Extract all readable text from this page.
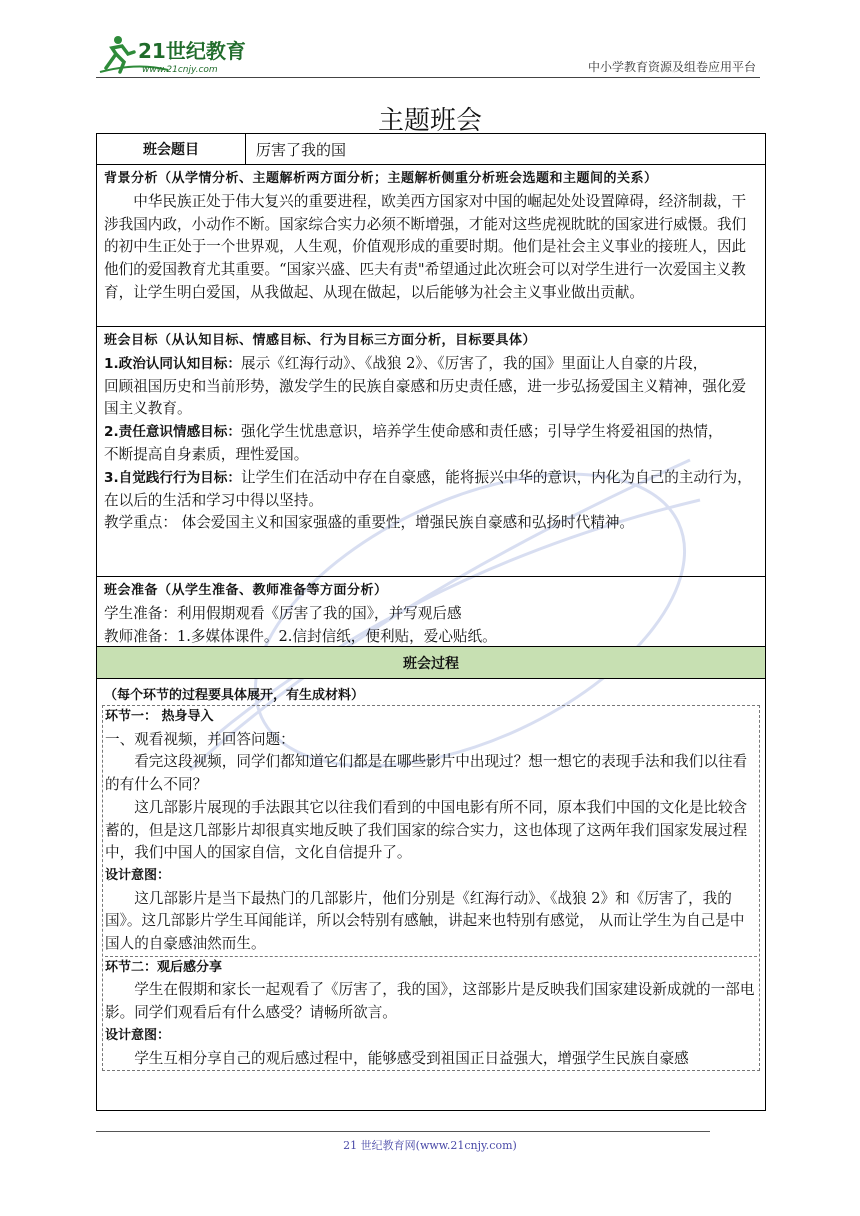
21世纪教育
www.21cnjy.com	中小学教育资源及组卷应用平台
主题班会
班会题目	厉害了我的国
背景分析（从学情分析、主题解析两方面分析；主题解析侧重分析班会选题和主题间的关系）
中华民族正处于伟大复兴的重要进程，欧美西方国家对中国的崛起处处设置障碍，经济制裁，干涉我国内政，小动作不断。国家综合实力必须不断增强，才能对这些虎视眈眈的国家进行威慑。我们的初中生正处于一个世界观，人生观，价值观形成的重要时期。他们是社会主义事业的接班人，因此他们的爱国教育尤其重要。“国家兴盛、匹夫有责"希望通过此次班会可以对学生进行一次爱国主义教育，让学生明白爱国，从我做起、从现在做起，以后能够为社会主义事业做出贡献。
班会目标（从认知目标、情感目标、行为目标三方面分析，目标要具体）
1.政治认同认知目标：展示《红海行动》、《战狼 2》、《厉害了，我的国》里面让人自豪的片段，
回顾祖国历史和当前形势，激发学生的民族自豪感和历史责任感，进一步弘扬爱国主义精神，强化爱国主义教育。
2.责任意识情感目标：强化学生忧患意识，培养学生使命感和责任感；引导学生将爱祖国的热情，
不断提高自身素质，理性爱国。
3.自觉践行行为目标：让学生们在活动中存在自豪感，能将振兴中华的意识，内化为自己的主动行为，在以后的生活和学习中得以坚持。
教学重点： 体会爱国主义和国家强盛的重要性，增强民族自豪感和弘扬时代精神。
班会准备（从学生准备、教师准备等方面分析）
学生准备：利用假期观看《厉害了我的国》，并写观后感
教师准备：1.多媒体课件。2.信封信纸，便利贴，爱心贴纸。
班会过程
（每个环节的过程要具体展开，有生成材料）
环节一： 热身导入
一、观看视频，并回答问题：
看完这段视频，同学们都知道它们都是在哪些影片中出现过？想一想它的表现手法和我们以往看的有什么不同？
这几部影片展现的手法跟其它以往我们看到的中国电影有所不同，原本我们中国的文化是比较含蓄的，但是这几部影片却很真实地反映了我们国家的综合实力，这也体现了这两年我们国家发展过程中，我们中国人的国家自信，文化自信提升了。
设计意图：
这几部影片是当下最热门的几部影片，他们分别是《红海行动》、《战狼 2》和《厉害了，我的国》。这几部影片学生耳闻能详，所以会特别有感触，讲起来也特别有感觉， 从而让学生为自己是中国人的自豪感油然而生。
环节二：观后感分享
学生在假期和家长一起观看了《厉害了，我的国》，这部影片是反映我们国家建设新成就的一部电影。同学们观看后有什么感受？请畅所欲言。
设计意图：
学生互相分享自己的观后感过程中，能够感受到祖国正日益强大，增强学生民族自豪感
21 世纪教育网(www.21cnjy.com)
